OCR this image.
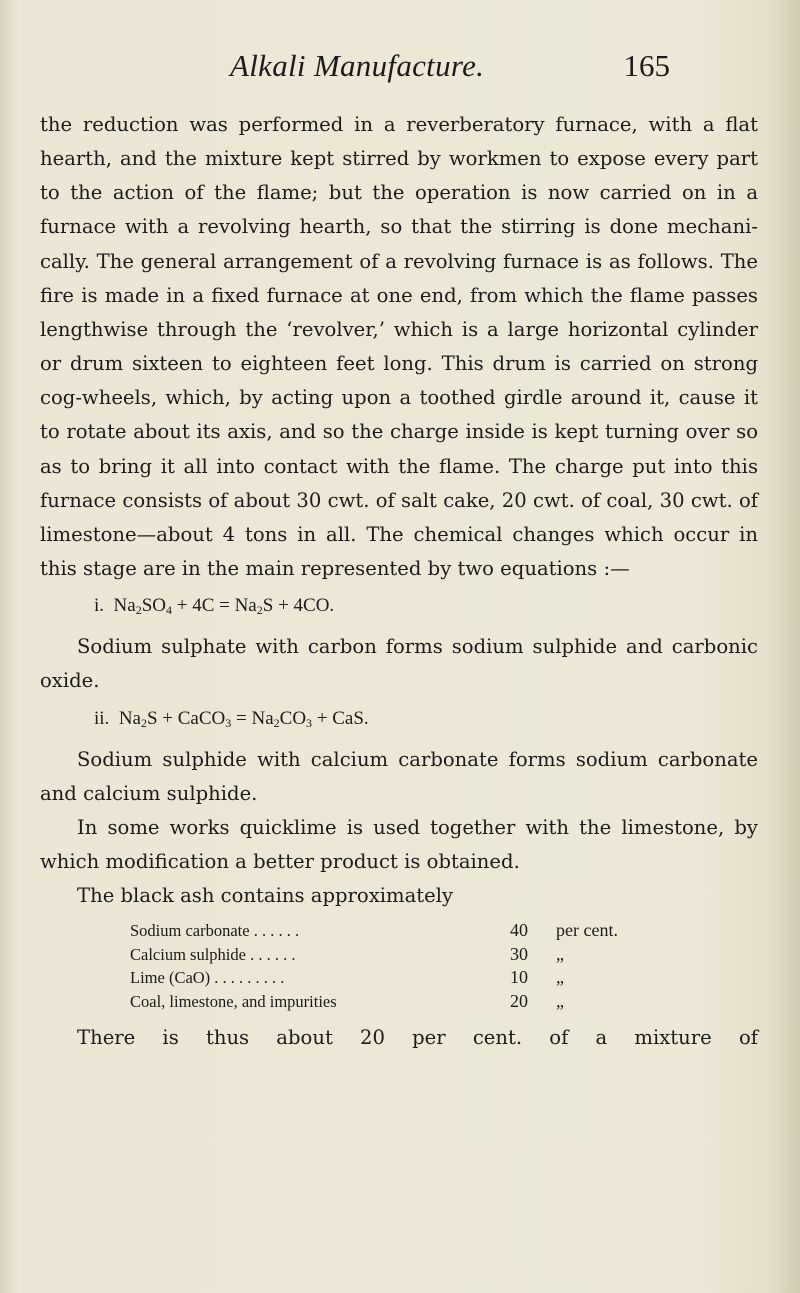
Alkali Manufacture.	165

the reduction was performed in a reverberatory furnace, with a flat hearth, and the mixture kept stirred by workmen to expose every part to the action of the flame; but the operation is now carried on in a furnace with a revolving hearth, so that the stirring is done mechanically. The general arrangement of a revolving furnace is as follows. The fire is made in a fixed furnace at one end, from which the flame passes lengthwise through the ‘revolver,’ which is a large horizontal cylinder or drum sixteen to eighteen feet long. This drum is carried on strong cog-wheels, which, by acting upon a toothed girdle around it, cause it to rotate about its axis, and so the charge inside is kept turning over so as to bring it all into contact with the flame. The charge put into this furnace consists of about 30 cwt. of salt cake, 20 cwt. of coal, 30 cwt. of limestone—about 4 tons in all. The chemical changes which occur in this stage are in the main represented by two equations :—

i. $Na_2SO_4 + 4C = Na_2S + 4CO$.

Sodium sulphate with carbon forms sodium sulphide and carbonic oxide.

ii. $Na_2S$ + CaCO$_3$ = $Na_2CO_3$ + CaS.

Sodium sulphide with calcium carbonate forms sodium carbonate and calcium sulphide.

In some works quicklime is used together with the limestone, by which modification a better product is obtained.

The black ash contains approximately

Sodium carbonate . . . . . .	40	per cent.
Calcium sulphide . . . . . .	30	„
Lime (CaO) . . . . . . . . .	10	„
Coal, limestone, and impurities	20	„

There is thus about 20 per cent. of a mixture of
